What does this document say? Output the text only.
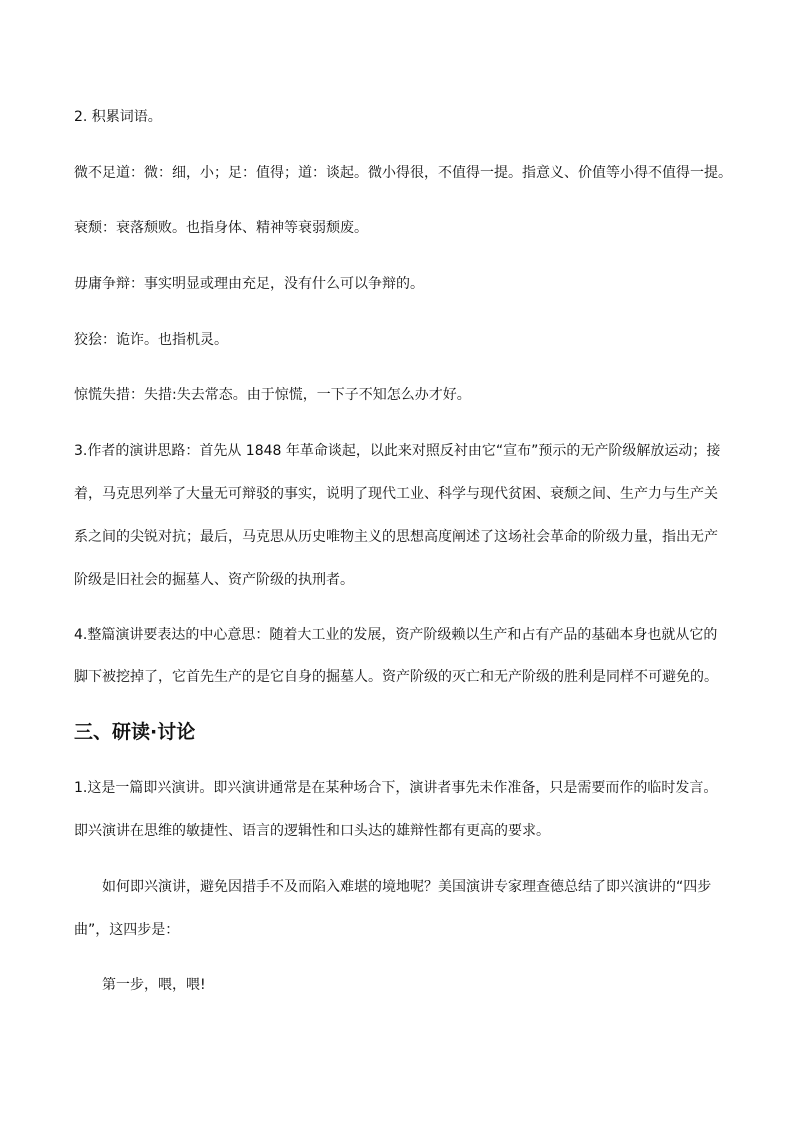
2. 积累词语。
微不足道：微：细，小；足：值得；道：谈起。微小得很，不值得一提。指意义、价值等小得不值得一提。
衰颓：衰落颓败。也指身体、精神等衰弱颓废。
毋庸争辩：事实明显或理由充足，没有什么可以争辩的。
狡狯：诡诈。也指机灵。
惊慌失措：失措:失去常态。由于惊慌，一下子不知怎么办才好。
3.作者的演讲思路：首先从 1848 年革命谈起，以此来对照反衬由它“宣布”预示的无产阶级解放运动；接
着，马克思列举了大量无可辩驳的事实，说明了现代工业、科学与现代贫困、衰颓之间、生产力与生产关
系之间的尖锐对抗；最后，马克思从历史唯物主义的思想高度阐述了这场社会革命的阶级力量，指出无产
阶级是旧社会的掘墓人、资产阶级的执刑者。
4.整篇演讲要表达的中心意思：随着大工业的发展，资产阶级赖以生产和占有产品的基础本身也就从它的
脚下被挖掉了，它首先生产的是它自身的掘墓人。资产阶级的灭亡和无产阶级的胜利是同样不可避免的。
三、研读·讨论
1.这是一篇即兴演讲。即兴演讲通常是在某种场合下，演讲者事先未作准备，只是需要而作的临时发言。
即兴演讲在思维的敏捷性、语言的逻辑性和口头达的雄辩性都有更高的要求。
如何即兴演讲，避免因措手不及而陷入难堪的境地呢？美国演讲专家理查德总结了即兴演讲的“四步
曲”，这四步是：
第一步，喂，喂!
